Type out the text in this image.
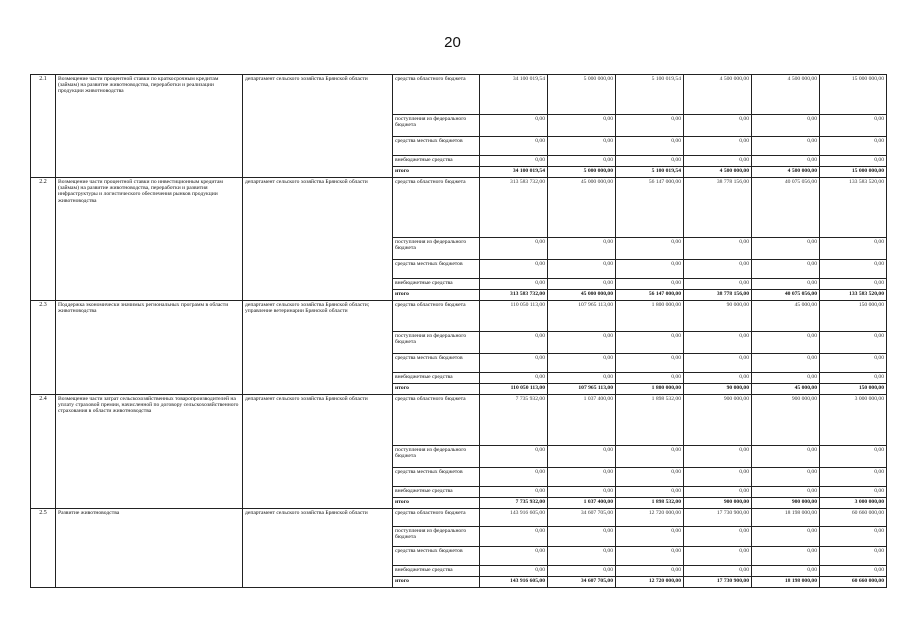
20
2.1	Возмещение части процентной ставки по краткосрочным кредитам (займам) на развитие животноводства, переработки и реализации продукции животноводства	департамент сельского хозяйства Брянской области	средства областного бюджета	34 100 019,54	5 000 000,00	5 100 019,54	4 500 000,00	4 500 000,00	15 000 000,00
			поступления из федерального бюджета	0,00	0,00	0,00	0,00	0,00	0,00
			средства местных бюджетов	0,00	0,00	0,00	0,00	0,00	0,00
			внебюджетные средства	0,00	0,00	0,00	0,00	0,00	0,00
			итого	34 100 019,54	5 000 000,00	5 100 019,54	4 500 000,00	4 500 000,00	15 000 000,00
2.2	Возмещение части процентной ставки по инвестиционным кредитам (займам) на развитие животноводства, переработки и развития инфраструктуры и логистического обеспечения рынков продукции животноводства	департамент сельского хозяйства Брянской области	средства областного бюджета	313 583 732,00	45 000 000,00	56 147 000,00	38 778 156,00	40 075 056,00	133 583 520,00
			поступления из федерального бюджета	0,00	0,00	0,00	0,00	0,00	0,00
			средства местных бюджетов	0,00	0,00	0,00	0,00	0,00	0,00
			внебюджетные средства	0,00	0,00	0,00	0,00	0,00	0,00
			итого	313 583 732,00	45 000 000,00	56 147 000,00	38 778 156,00	40 075 056,00	133 583 520,00
2.3	Поддержка экономически значимых региональных программ в области животноводства	департамент сельского хозяйства Брянской области; управление ветеринарии Брянской области	средства областного бюджета	110 050 113,00	107 965 113,00	1 800 000,00	90 000,00	45 000,00	150 000,00
			поступления из федерального бюджета	0,00	0,00	0,00	0,00	0,00	0,00
			средства местных бюджетов	0,00	0,00	0,00	0,00	0,00	0,00
			внебюджетные средства	0,00	0,00	0,00	0,00	0,00	0,00
			итого	110 050 113,00	107 965 113,00	1 800 000,00	90 000,00	45 000,00	150 000,00
2.4	Возмещение части затрат сельскохозяйственных товаропроизводителей на уплату страховой премии, начисленной по договору сельскохозяйственного страхования в области животноводства	департамент сельского хозяйства Брянской области	средства областного бюджета	7 735 932,00	1 037 400,00	1 898 532,00	900 000,00	900 000,00	3 000 000,00
			поступления из федерального бюджета	0,00	0,00	0,00	0,00	0,00	0,00
			средства местных бюджетов	0,00	0,00	0,00	0,00	0,00	0,00
			внебюджетные средства	0,00	0,00	0,00	0,00	0,00	0,00
			итого	7 735 932,00	1 037 400,00	1 898 532,00	900 000,00	900 000,00	3 000 000,00
2.5	Развитие животноводства	департамент сельского хозяйства Брянской области	средства областного бюджета	143 916 605,00	34 607 705,00	12 720 000,00	17 730 900,00	18 198 000,00	60 660 000,00
			поступления из федерального бюджета	0,00	0,00	0,00	0,00	0,00	0,00
			средства местных бюджетов	0,00	0,00	0,00	0,00	0,00	0,00
			внебюджетные средства	0,00	0,00	0,00	0,00	0,00	0,00
			итого	143 916 605,00	34 607 705,00	12 720 000,00	17 730 900,00	18 198 000,00	60 660 000,00
